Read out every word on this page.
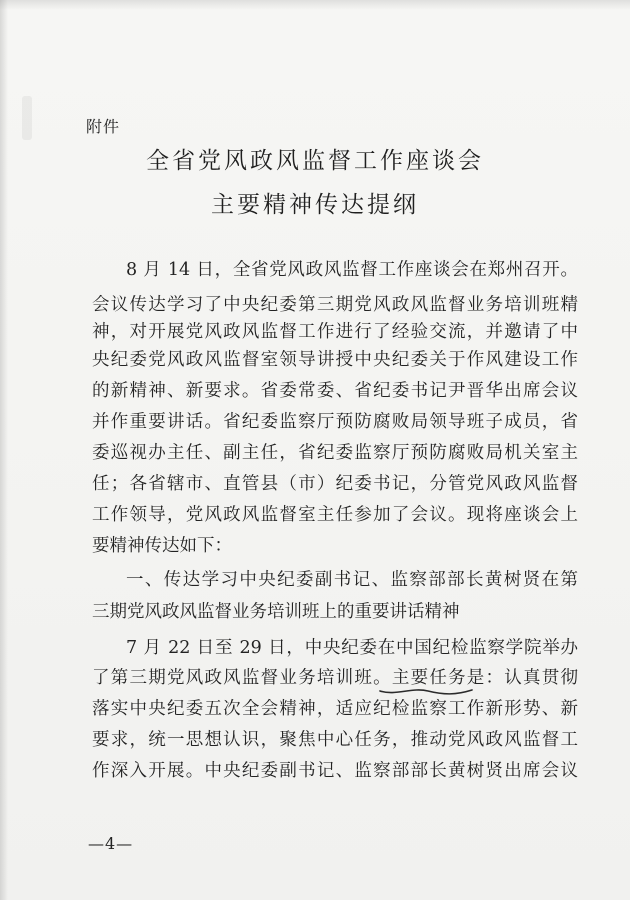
附件
全省党风政风监督工作座谈会
主要精神传达提纲
8 月 14 日，全省党风政风监督工作座谈会在郑州召开。
会议传达学习了中央纪委第三期党风政风监督业务培训班精
神，对开展党风政风监督工作进行了经验交流，并邀请了中
央纪委党风政风监督室领导讲授中央纪委关于作风建设工作
的新精神、新要求。省委常委、省纪委书记尹晋华出席会议
并作重要讲话。省纪委监察厅预防腐败局领导班子成员，省
委巡视办主任、副主任，省纪委监察厅预防腐败局机关室主
任；各省辖市、直管县（市）纪委书记，分管党风政风监督
工作领导，党风政风监督室主任参加了会议。现将座谈会上
要精神传达如下：
一、传达学习中央纪委副书记、监察部部长黄树贤在第
三期党风政风监督业务培训班上的重要讲话精神
7 月 22 日至 29 日，中央纪委在中国纪检监察学院举办
了第三期党风政风监督业务培训班。主要任务是：认真贯彻
落实中央纪委五次全会精神，适应纪检监察工作新形势、新
要求，统一思想认识，聚焦中心任务，推动党风政风监督工
作深入开展。中央纪委副书记、监察部部长黄树贤出席会议
—4—
